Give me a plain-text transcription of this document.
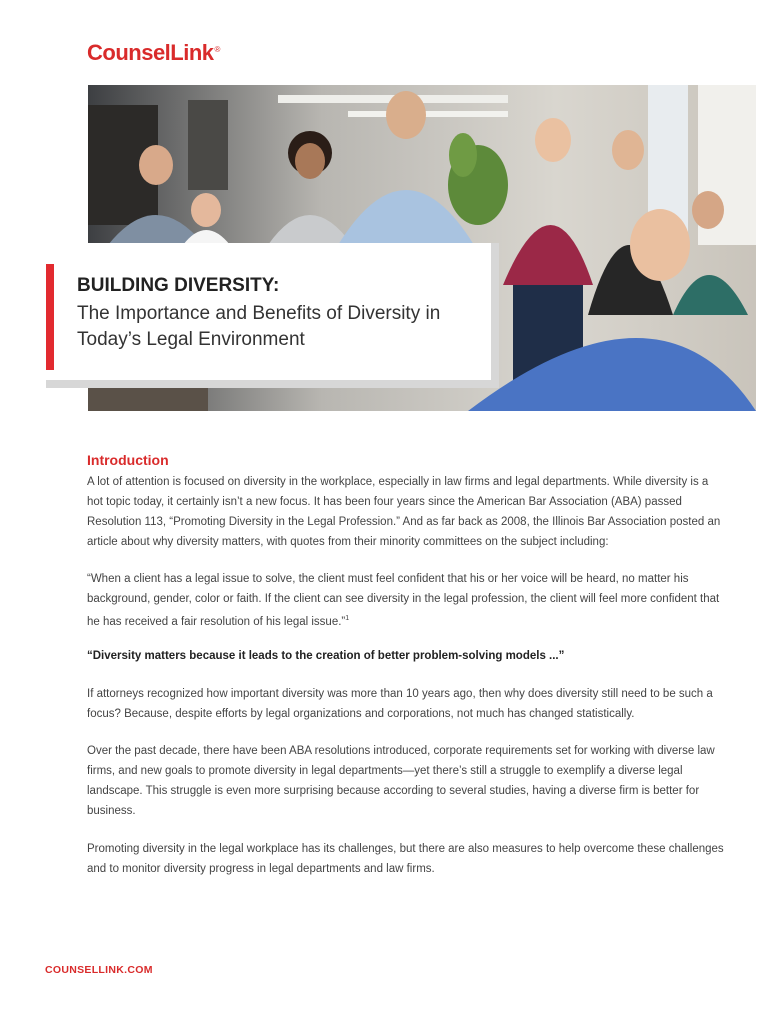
CounselLink®
BUILDING DIVERSITY:
The Importance and Benefits of Diversity in Today’s Legal Environment
Introduction

A lot of attention is focused on diversity in the workplace, especially in law firms and legal departments. While diversity is a hot topic today, it certainly isn’t a new focus. It has been four years since the American Bar Association (ABA) passed Resolution 113, “Promoting Diversity in the Legal Profession.” And as far back as 2008, the Illinois Bar Association posted an article about why diversity matters, with quotes from their minority committees on the subject including:

“When a client has a legal issue to solve, the client must feel confident that his or her voice will be heard, no matter his background, gender, color or faith. If the client can see diversity in the legal profession, the client will feel more confident that he has received a fair resolution of his legal issue.”$^1$

“Diversity matters because it leads to the creation of better problem-solving models ...”

If attorneys recognized how important diversity was more than 10 years ago, then why does diversity still need to be such a focus? Because, despite efforts by legal organizations and corporations, not much has changed statistically.

Over the past decade, there have been ABA resolutions introduced, corporate requirements set for working with diverse law firms, and new goals to promote diversity in legal departments—yet there’s still a struggle to exemplify a diverse legal landscape. This struggle is even more surprising because according to several studies, having a diverse firm is better for business.

Promoting diversity in the legal workplace has its challenges, but there are also measures to help overcome these challenges and to monitor diversity progress in legal departments and law firms.

COUNSELLINK.COM
